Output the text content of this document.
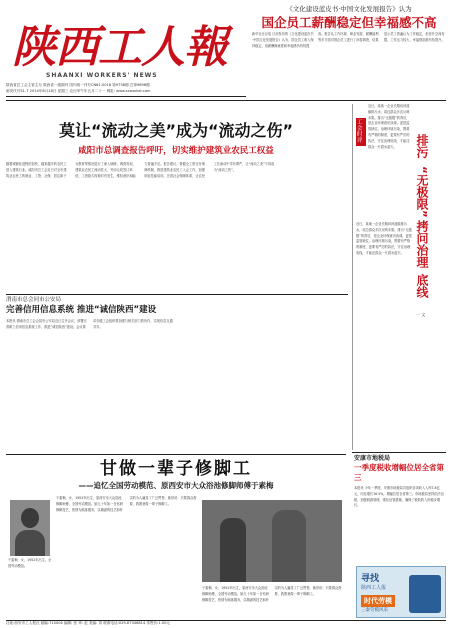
陕西工人報
SHAANXI WORKERS' NEWS
陕西省总工会主管主办 陕西省一级期刊 国内统一刊号CN61-0018 第9758期 总第9896期
邮发代号51-7 2014年6月18日 星期三 农历甲午年五月二十一 网址: www.sxworker.com
《文化建设蓝皮书·中国文化发展报告》认为
国企员工薪酬稳定但幸福感不高
新华社北京电 日前发布的《文化建设蓝皮书·中国文化发展报告》认为，国企员工收入保持稳定，但薪酬满意度和幸福感仍有待提高。报告从工作环境、职业发展、薪酬福利等多方面对国企员工进行了问卷调查，结果显示员工普遍认为工作稳定，但晋升空间有限，工作压力较大，幸福感指数有待提升。
莫让“流动之美”成为“流动之伤”
咸阳市总调查报告呼吁，切实维护建筑业农民工权益
随着城镇化进程的加快，越来越多的农民工进入建筑行业。咸阳市总工会近日对全市建筑业农民工的就业、工资、社保、居住和子女教育等情况进行了深入调研。调查发现，建筑业农民工流动性大、劳动合同签订率低、工资拖欠现象时有发生，维权意识和能力普遍不足。报告建议，要健全工资支付保障机制，推进建筑业农民工入会工作，加强职业技能培训，完善社会保障体系，让农民工在流动中享有尊严，让“流动之美”不再成为“流动之伤”。
工会时评
近日，某地一企业长期向河道偷排污水，周边群众多次反映未果。排污“无极限”的背后，是企业环保意识淡薄，更是监管缺位。治理环境污染，既要有严格的制度，更要有严厉的执法，守住治理底线，才能还群众一片碧水蓝天。	排污
“无极限”
拷问治理
底线
一 文
近日，某地一企业长期向河道偷排污水，周边群众多次反映未果。排污“无极限”的背后，是企业环保意识淡薄，更是监管缺位。治理环境污染，既要有严格的制度，更要有严厉的执法，守住治理底线，才能还群众一片碧水蓝天。
渭南市总会同市公安局
完善信用信息系统 推进“诚信陕西”建设
本报讯 渭南市总工会会同市公安局近日召开会议，部署完善职工信用信息系统工作，推进“诚信陕西”建设。会议要求各级工会组织要加强与相关部门的协作，实现信息互通共享。
甘做一辈子修脚工
——追忆全国劳动模范、原西安市大众浴池修脚师傅于素梅
于素梅，女，1952年出生，全国劳动模范。
于素梅，女，1952年出生，原西安市大众浴池修脚师傅，全国劳动模范。她几十年如一日钻研修脚技艺，热情为顾客服务，以精湛的技艺和朴实的为人赢得了广泛赞誉。她常说：只要群众需要，我愿意做一辈子修脚工。
于素梅，女，1952年出生，原西安市大众浴池修脚师傅，全国劳动模范。她几十年如一日钻研修脚技艺，热情为顾客服务，以精湛的技艺和朴实的为人赢得了广泛赞誉。她常说：只要群众需要，我愿意做一辈子修脚工。
安康市地税局
一季度税收增幅位居全省第三
本报讯 今年一季度，安康市地税局共组织各项收入入库7.8亿元，同比增长16.5%，增幅位居全省第三。市地税局坚持依法治税，加强税源管理，强化征管措施，确保了税收收入的稳步增长。
寻找
陕西工人报
时代劳模
三秦劳模风采
社址:西安市工人报社 邮编:710004 编辑: 张 审: 赵 美编: 刘 联系电话:029-87346814 零售价:1.00元
